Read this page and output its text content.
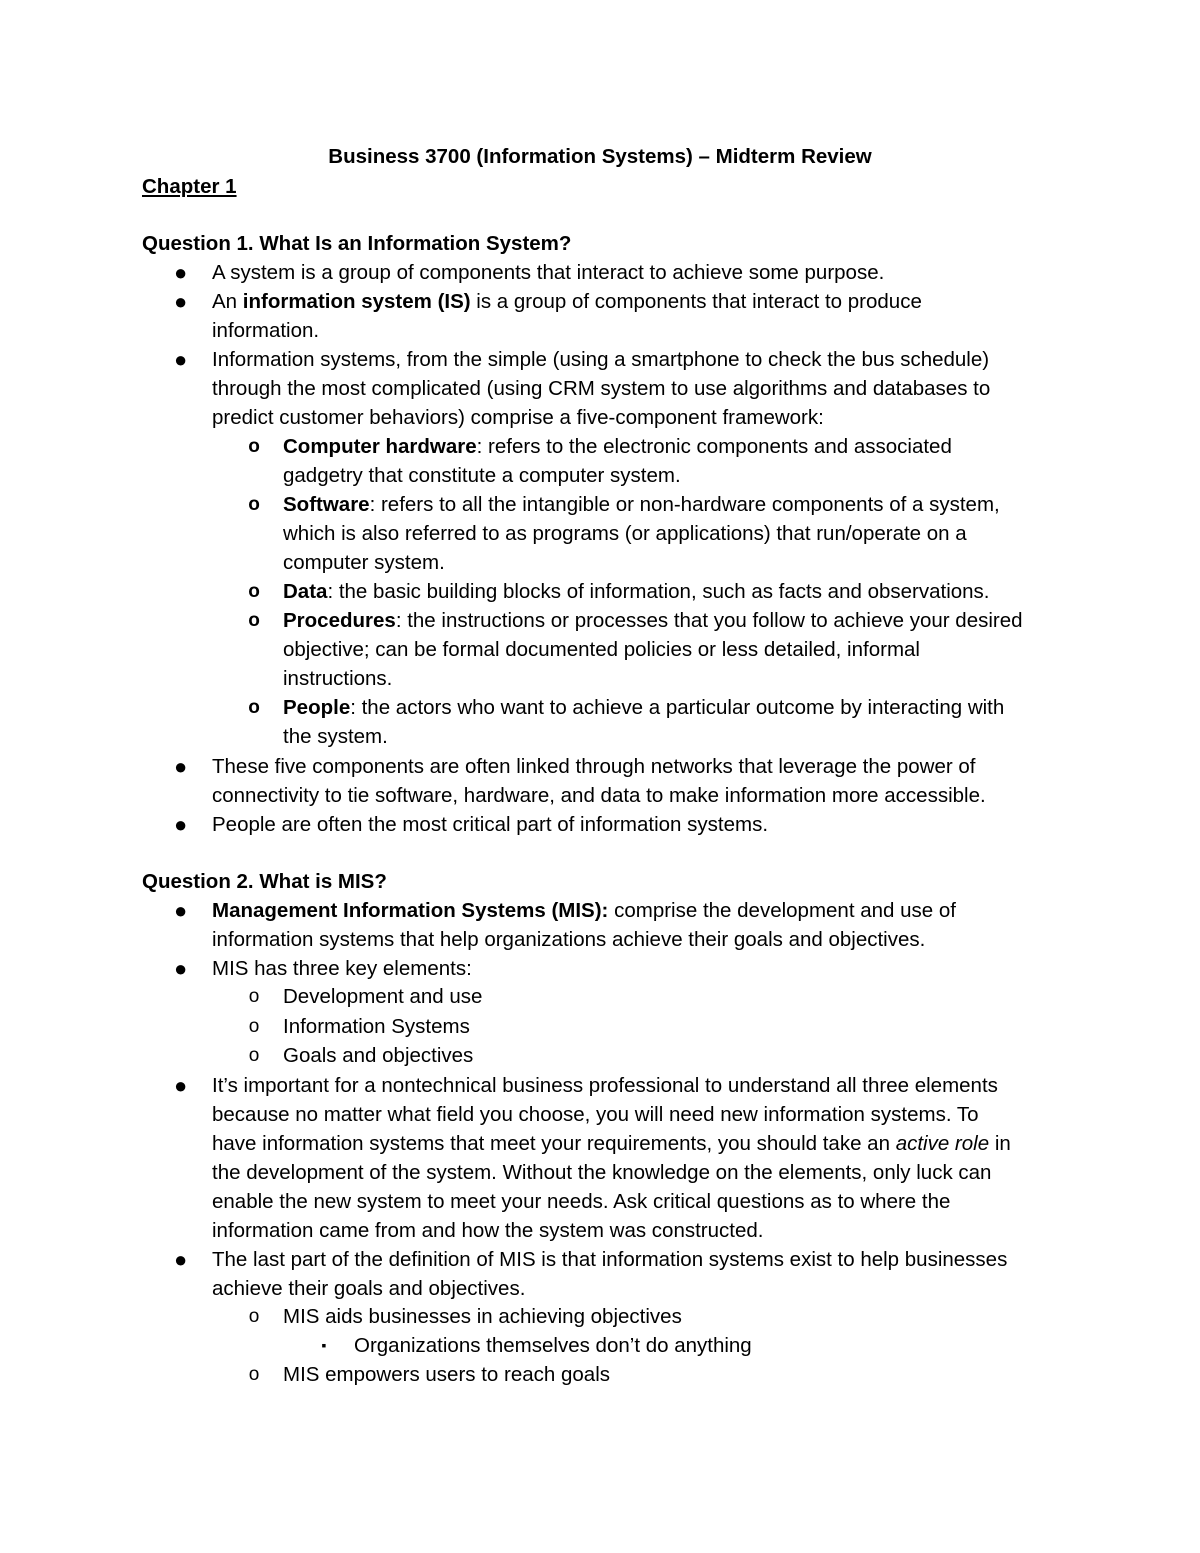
Business 3700 (Information Systems) – Midterm Review
Chapter 1
Question 1. What Is an Information System?
● A system is a group of components that interact to achieve some purpose.
● An information system (IS) is a group of components that interact to produce
information.
● Information systems, from the simple (using a smartphone to check the bus schedule)
through the most complicated (using CRM system to use algorithms and databases to
predict customer behaviors) comprise a five-component framework:
o Computer hardware: refers to the electronic components and associated
gadgetry that constitute a computer system.
o Software: refers to all the intangible or non-hardware components of a system,
which is also referred to as programs (or applications) that run/operate on a
computer system.
o Data: the basic building blocks of information, such as facts and observations.
o Procedures: the instructions or processes that you follow to achieve your desired
objective; can be formal documented policies or less detailed, informal
instructions.
o People: the actors who want to achieve a particular outcome by interacting with
the system.
● These five components are often linked through networks that leverage the power of
connectivity to tie software, hardware, and data to make information more accessible.
● People are often the most critical part of information systems.
Question 2. What is MIS?
● Management Information Systems (MIS): comprise the development and use of
information systems that help organizations achieve their goals and objectives.
● MIS has three key elements:
o Development and use
o Information Systems
o Goals and objectives
● It’s important for a nontechnical business professional to understand all three elements
because no matter what field you choose, you will need new information systems. To
have information systems that meet your requirements, you should take an active role in
the development of the system. Without the knowledge on the elements, only luck can
enable the new system to meet your needs. Ask critical questions as to where the
information came from and how the system was constructed.
● The last part of the definition of MIS is that information systems exist to help businesses
achieve their goals and objectives.
o MIS aids businesses in achieving objectives
▪ Organizations themselves don’t do anything
o MIS empowers users to reach goals
